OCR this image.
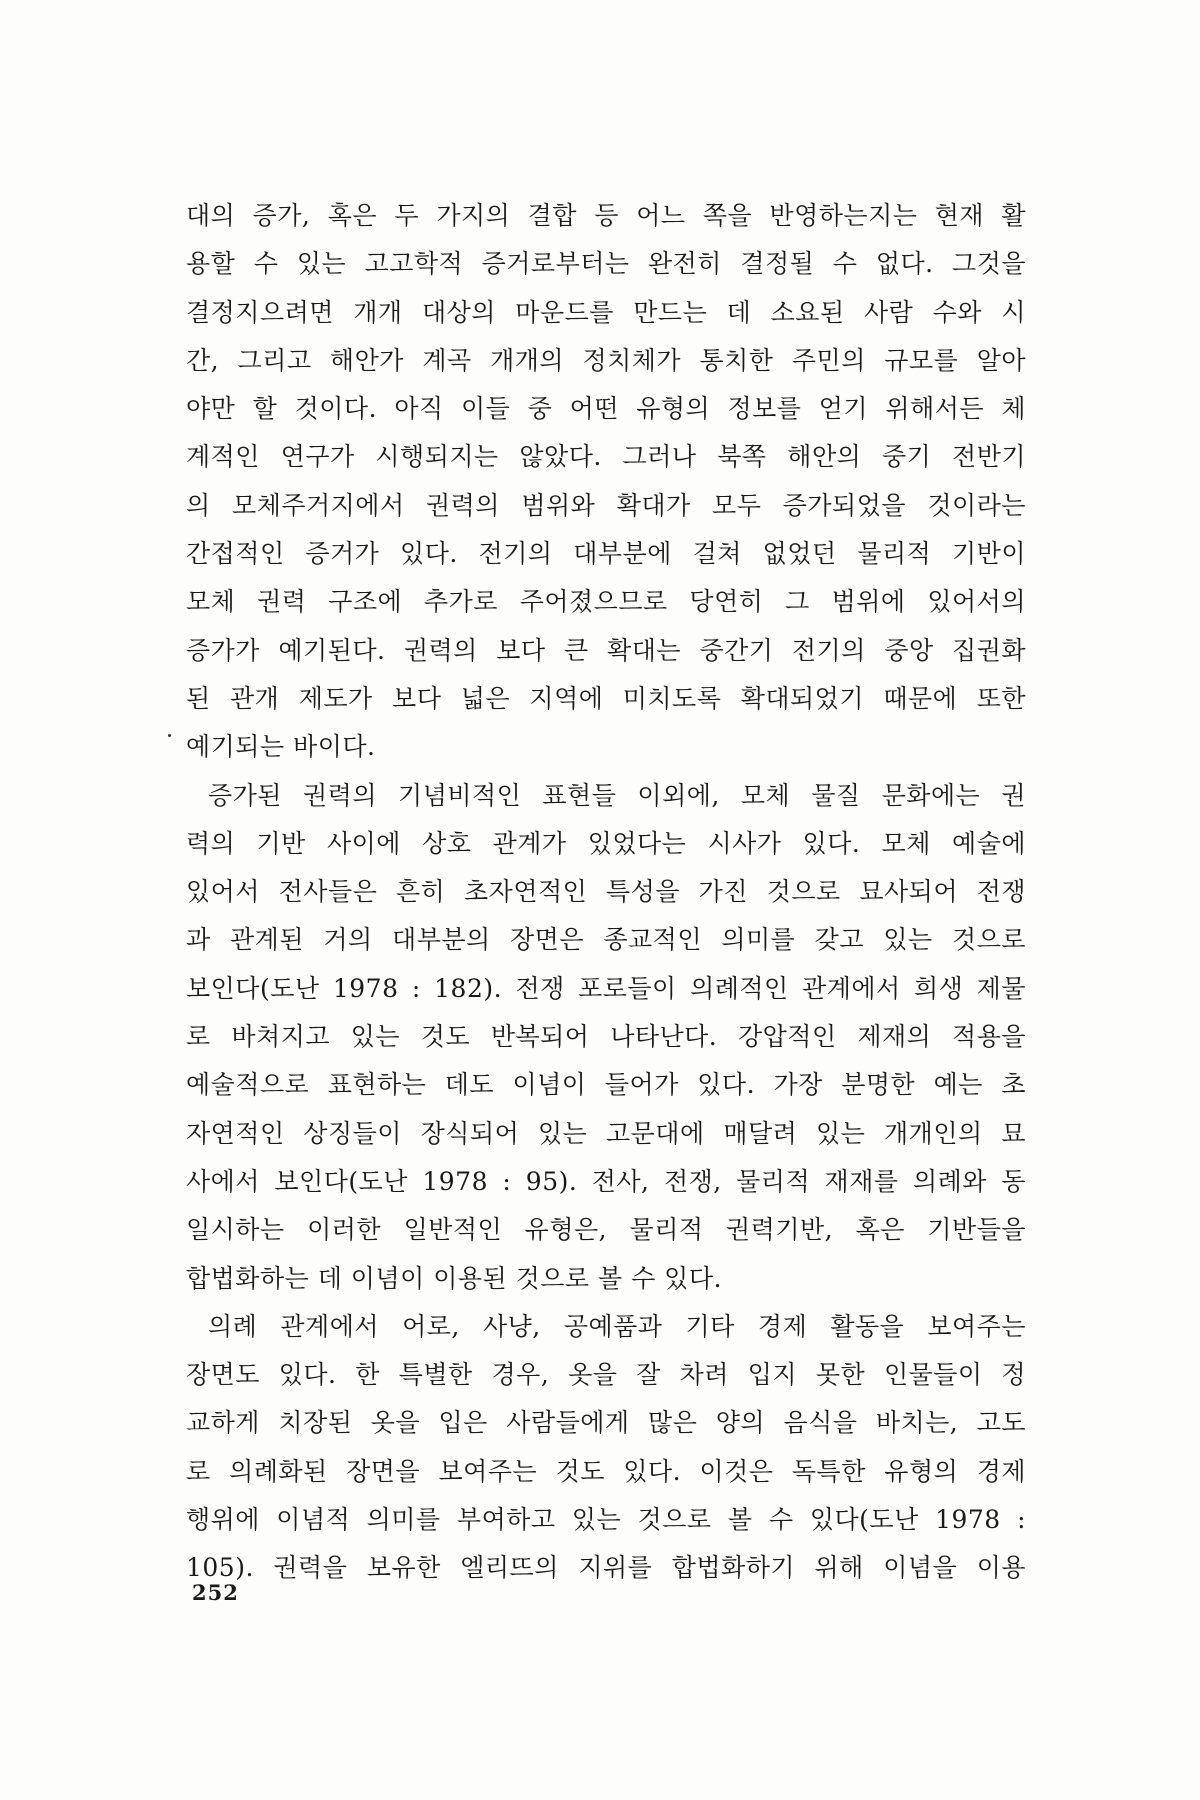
대의 증가, 혹은 두 가지의 결합 등 어느 쪽을 반영하는지는 현재 활
용할 수 있는 고고학적 증거로부터는 완전히 결정될 수 없다. 그것을
결정지으려면 개개 대상의 마운드를 만드는 데 소요된 사람 수와 시
간, 그리고 해안가 계곡 개개의 정치체가 통치한 주민의 규모를 알아
야만 할 것이다. 아직 이들 중 어떤 유형의 정보를 얻기 위해서든 체
계적인 연구가 시행되지는 않았다. 그러나 북쪽 해안의 중기 전반기
의 모체주거지에서 권력의 범위와 확대가 모두 증가되었을 것이라는
간접적인 증거가 있다. 전기의 대부분에 걸쳐 없었던 물리적 기반이
모체 권력 구조에 추가로 주어졌으므로 당연히 그 범위에 있어서의
증가가 예기된다. 권력의 보다 큰 확대는 중간기 전기의 중앙 집권화
된 관개 제도가 보다 넓은 지역에 미치도록 확대되었기 때문에 또한
예기되는 바이다.
증가된 권력의 기념비적인 표현들 이외에, 모체 물질 문화에는 권
력의 기반 사이에 상호 관계가 있었다는 시사가 있다. 모체 예술에
있어서 전사들은 흔히 초자연적인 특성을 가진 것으로 묘사되어 전쟁
과 관계된 거의 대부분의 장면은 종교적인 의미를 갖고 있는 것으로
보인다(도난 1978 : 182). 전쟁 포로들이 의례적인 관계에서 희생 제물
로 바쳐지고 있는 것도 반복되어 나타난다. 강압적인 제재의 적용을
예술적으로 표현하는 데도 이념이 들어가 있다. 가장 분명한 예는 초
자연적인 상징들이 장식되어 있는 고문대에 매달려 있는 개개인의 묘
사에서 보인다(도난 1978 : 95). 전사, 전쟁, 물리적 재재를 의례와 동
일시하는 이러한 일반적인 유형은, 물리적 권력기반, 혹은 기반들을
합법화하는 데 이념이 이용된 것으로 볼 수 있다.
의례 관계에서 어로, 사냥, 공예품과 기타 경제 활동을 보여주는
장면도 있다. 한 특별한 경우, 옷을 잘 차려 입지 못한 인물들이 정
교하게 치장된 옷을 입은 사람들에게 많은 양의 음식을 바치는, 고도
로 의례화된 장면을 보여주는 것도 있다. 이것은 독특한 유형의 경제
행위에 이념적 의미를 부여하고 있는 것으로 볼 수 있다(도난 1978 :
105). 권력을 보유한 엘리뜨의 지위를 합법화하기 위해 이념을 이용
252
